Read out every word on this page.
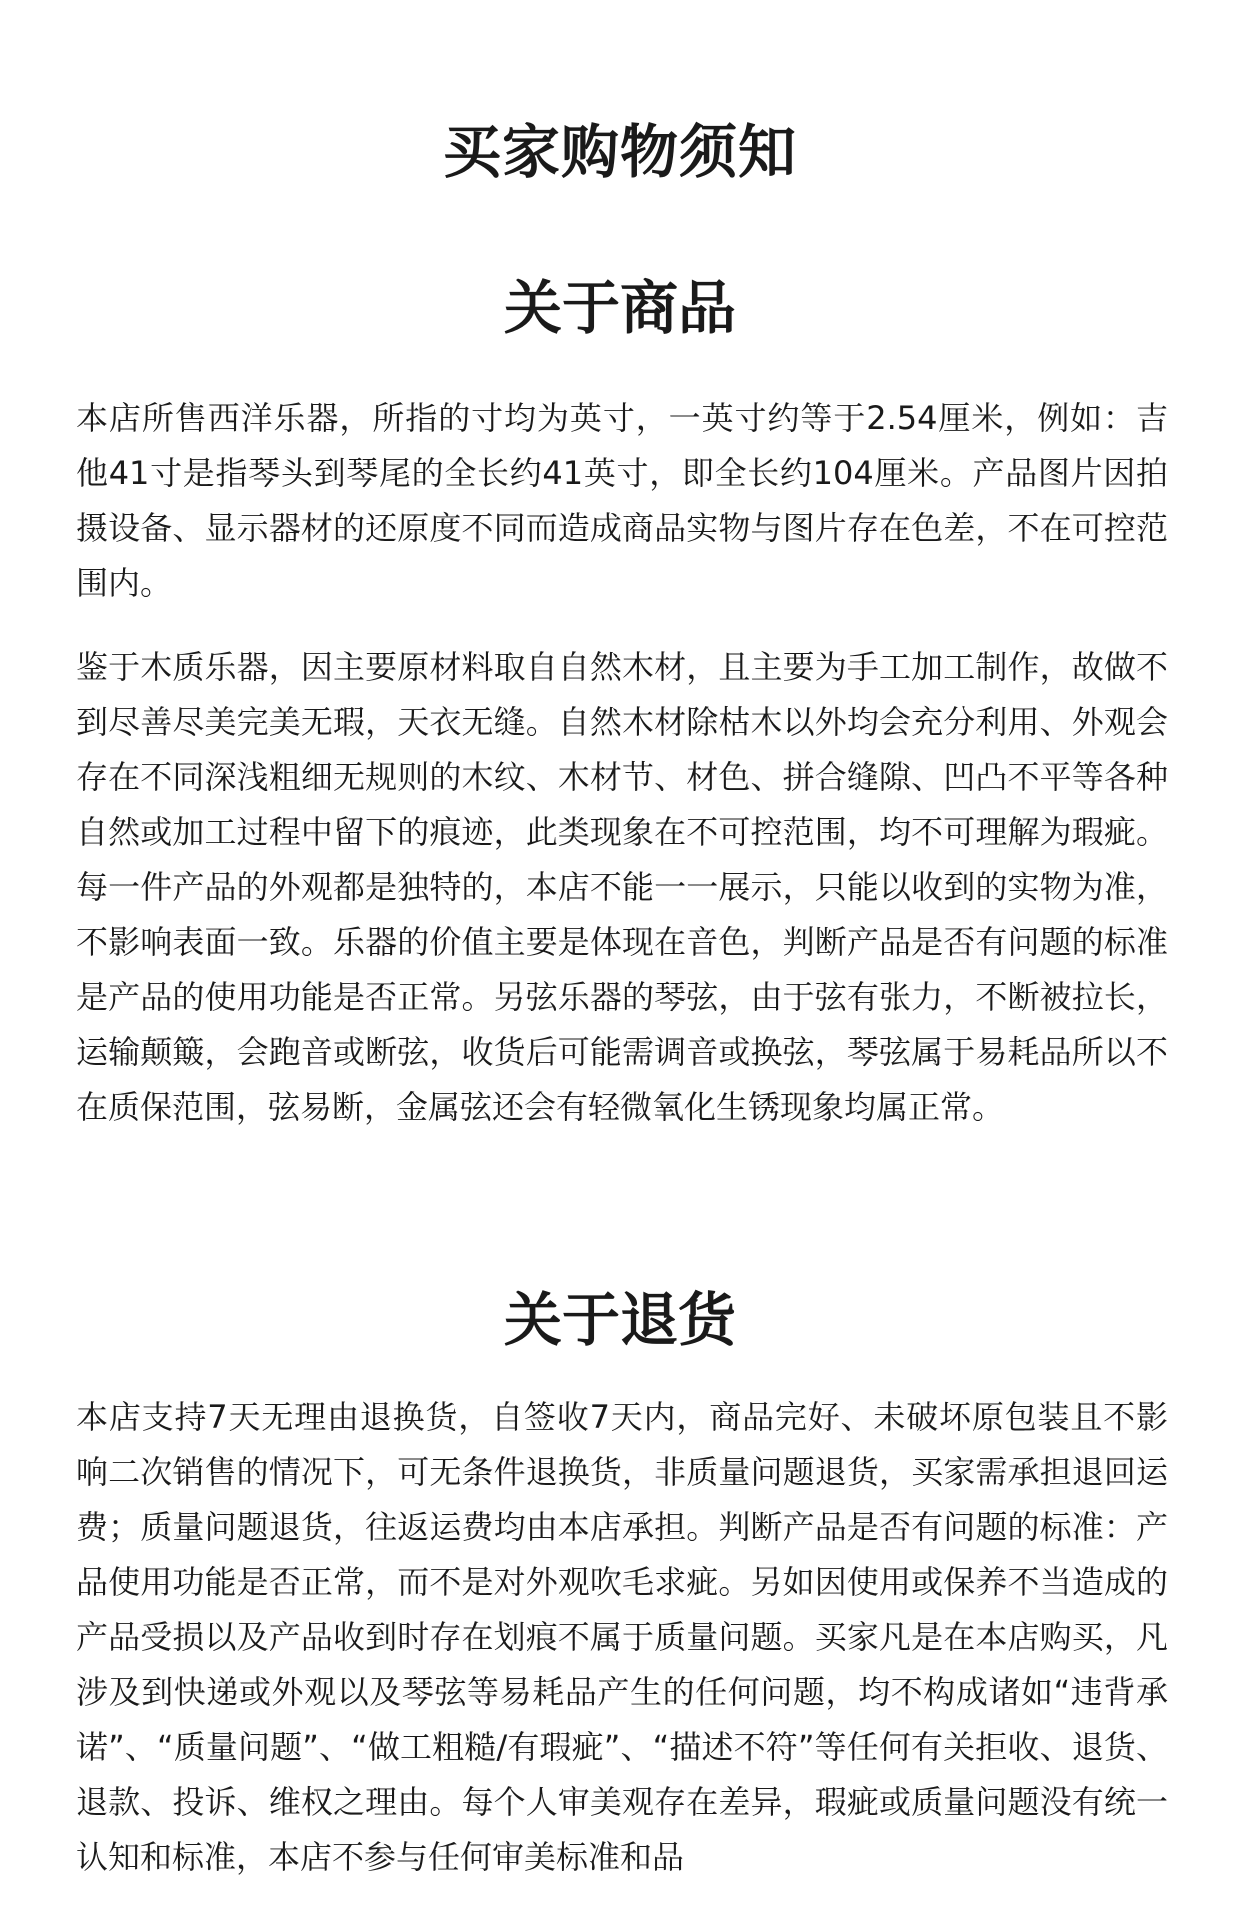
买家购物须知
关于商品

本店所售西洋乐器，所指的寸均为英寸，一英寸约等于2.54厘米，例如：吉他41寸是指琴头到琴尾的全长约41英寸，即全长约104厘米。产品图片因拍摄设备、显示器材的还原度不同而造成商品实物与图片存在色差，不在可控范围内。

鉴于木质乐器，因主要原材料取自自然木材，且主要为手工加工制作，故做不到尽善尽美完美无瑕，天衣无缝。自然木材除枯木以外均会充分利用、外观会存在不同深浅粗细无规则的木纹、木材节、材色、拼合缝隙、凹凸不平等各种自然或加工过程中留下的痕迹，此类现象在不可控范围，均不可理解为瑕疵。每一件产品的外观都是独特的，本店不能一一展示，只能以收到的实物为准，不影响表面一致。乐器的价值主要是体现在音色，判断产品是否有问题的标准是产品的使用功能是否正常。另弦乐器的琴弦，由于弦有张力，不断被拉长，运输颠簸，会跑音或断弦，收货后可能需调音或换弦，琴弦属于易耗品所以不在质保范围，弦易断，金属弦还会有轻微氧化生锈现象均属正常。

关于退货

本店支持7天无理由退换货，自签收7天内，商品完好、未破坏原包装且不影响二次销售的情况下，可无条件退换货，非质量问题退货，买家需承担退回运费；质量问题退货，往返运费均由本店承担。判断产品是否有问题的标准：产品使用功能是否正常，而不是对外观吹毛求疵。另如因使用或保养不当造成的产品受损以及产品收到时存在划痕不属于质量问题。买家凡是在本店购买，凡涉及到快递或外观以及琴弦等易耗品产生的任何问题，均不构成诸如“违背承诺”、“质量问题”、“做工粗糙/有瑕疵”、“描述不符”等任何有关拒收、退货、退款、投诉、维权之理由。每个人审美观存在差异，瑕疵或质量问题没有统一认知和标准，本店不参与任何审美标准和品
